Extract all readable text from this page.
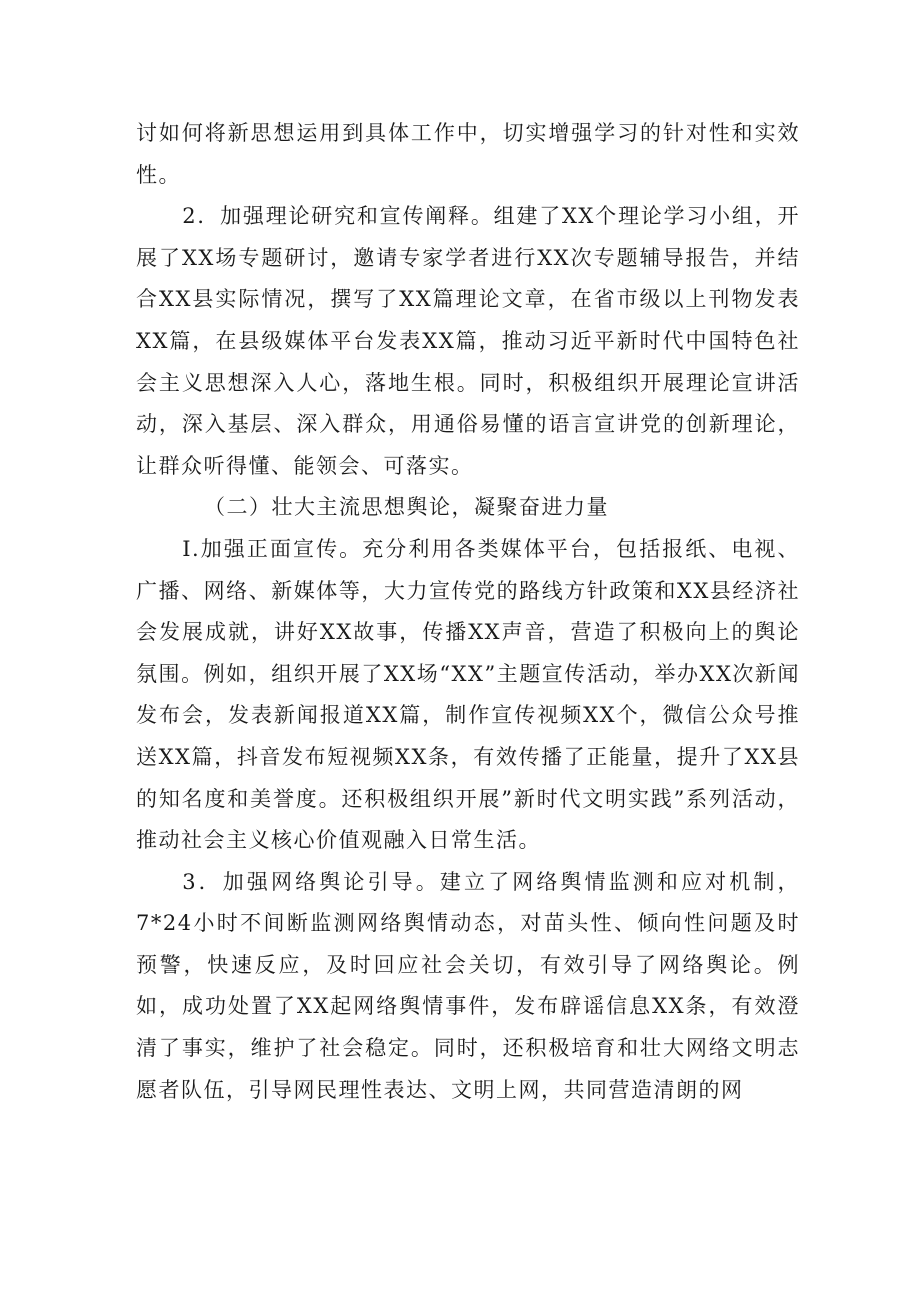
讨如何将新思想运用到具体工作中，切实增强学习的针对性和实效性。

2．加强理论研究和宣传阐释。组建了XX个理论学习小组，开展了XX场专题研讨，邀请专家学者进行XX次专题辅导报告，并结合XX县实际情况，撰写了XX篇理论文章，在省市级以上刊物发表XX篇，在县级媒体平台发表XX篇，推动习近平新时代中国特色社会主义思想深入人心，落地生根。同时，积极组织开展理论宣讲活动，深入基层、深入群众，用通俗易懂的语言宣讲党的创新理论，让群众听得懂、能领会、可落实。

（二）壮大主流思想舆论，凝聚奋进力量

I.加强正面宣传。充分利用各类媒体平台，包括报纸、电视、广播、网络、新媒体等，大力宣传党的路线方针政策和XX县经济社会发展成就，讲好XX故事，传播XX声音，营造了积极向上的舆论氛围。例如，组织开展了XX场“XX”主题宣传活动，举办XX次新闻发布会，发表新闻报道XX篇，制作宣传视频XX个，微信公众号推送XX篇，抖音发布短视频XX条，有效传播了正能量，提升了XX县的知名度和美誉度。还积极组织开展”新时代文明实践”系列活动，推动社会主义核心价值观融入日常生活。

3．加强网络舆论引导。建立了网络舆情监测和应对机制，7*24小时不间断监测网络舆情动态，对苗头性、倾向性问题及时预警，快速反应，及时回应社会关切，有效引导了网络舆论。例如，成功处置了XX起网络舆情事件，发布辟谣信息XX条，有效澄清了事实，维护了社会稳定。同时，还积极培育和壮大网络文明志愿者队伍，引导网民理性表达、文明上网，共同营造清朗的网
